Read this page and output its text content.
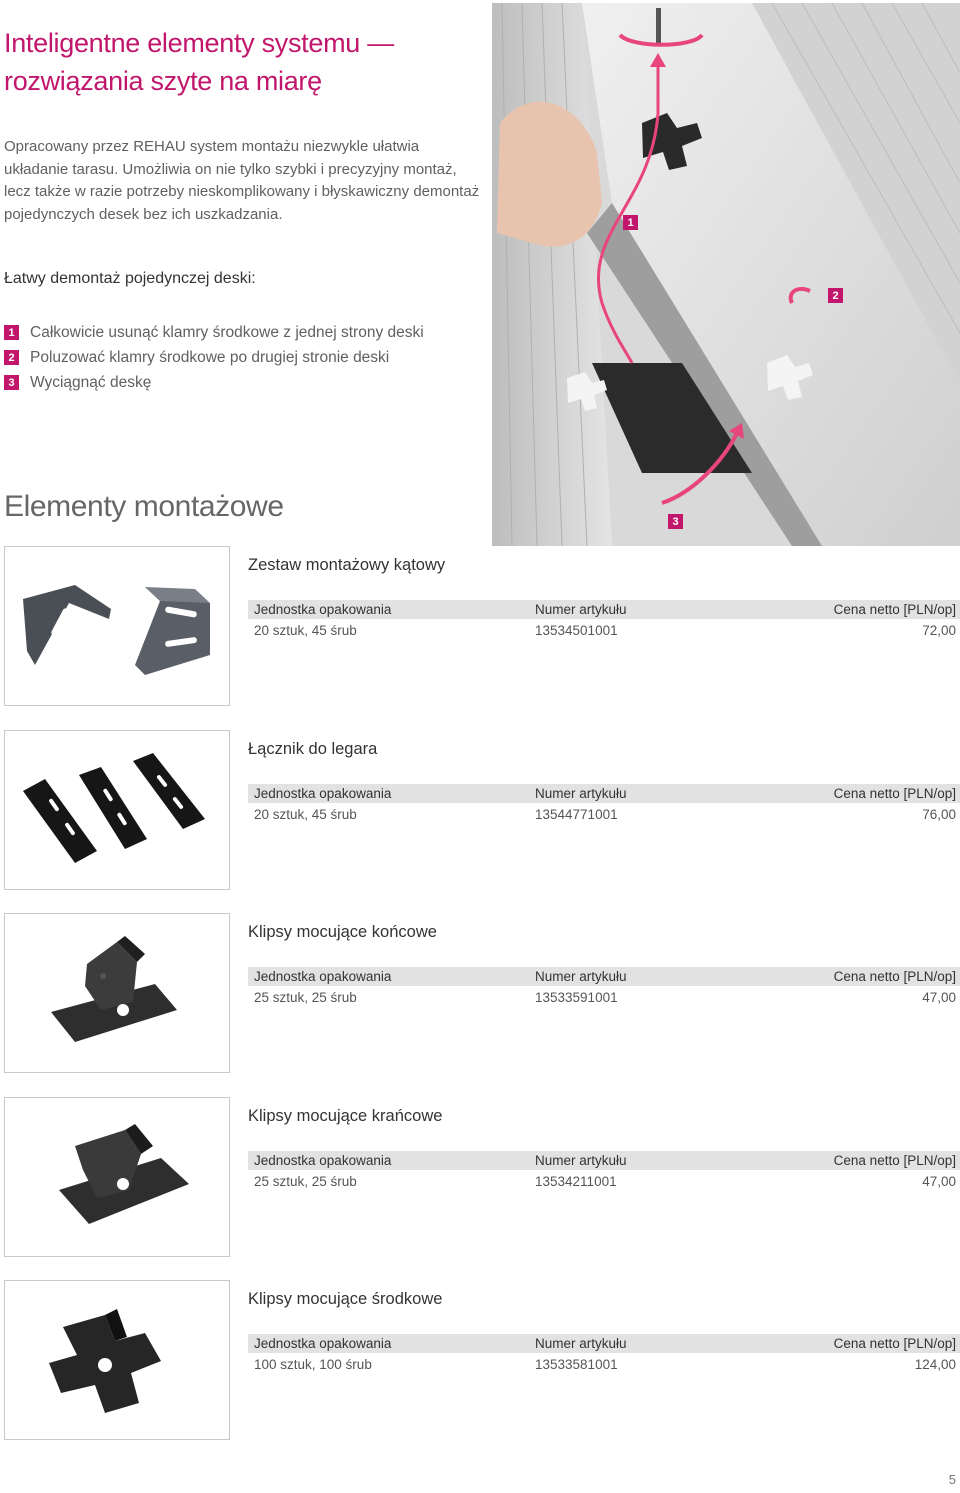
Inteligentne elementy systemu —
rozwiązania szyte na miarę
Opracowany przez REHAU system montażu niezwykle ułatwia
układanie tarasu. Umożliwia on nie tylko szybki i precyzyjny montaż,
lecz także w razie potrzeby nieskomplikowany i błyskawiczny demontaż
pojedynczych desek bez ich uszkadzania.
Łatwy demontaż pojedynczej deski:
1 Całkowicie usunąć klamry środkowe z jednej strony deski
2 Poluzować klamry środkowe po drugiej stronie deski
3 Wyciągnąć deskę
Elementy montażowe
1
2
3
Zestaw montażowy kątowy
Jednostka opakowania	Numer artykułu	Cena netto [PLN/op]
20 sztuk, 45 śrub	13534501001	72,00
Łącznik do legara
Jednostka opakowania	Numer artykułu	Cena netto [PLN/op]
20 sztuk, 45 śrub	13544771001	76,00
Klipsy mocujące końcowe
Jednostka opakowania	Numer artykułu	Cena netto [PLN/op]
25 sztuk, 25 śrub	13533591001	47,00
Klipsy mocujące krańcowe
Jednostka opakowania	Numer artykułu	Cena netto [PLN/op]
25 sztuk, 25 śrub	13534211001	47,00
Klipsy mocujące środkowe
Jednostka opakowania	Numer artykułu	Cena netto [PLN/op]
100 sztuk, 100 śrub	13533581001	124,00
5
